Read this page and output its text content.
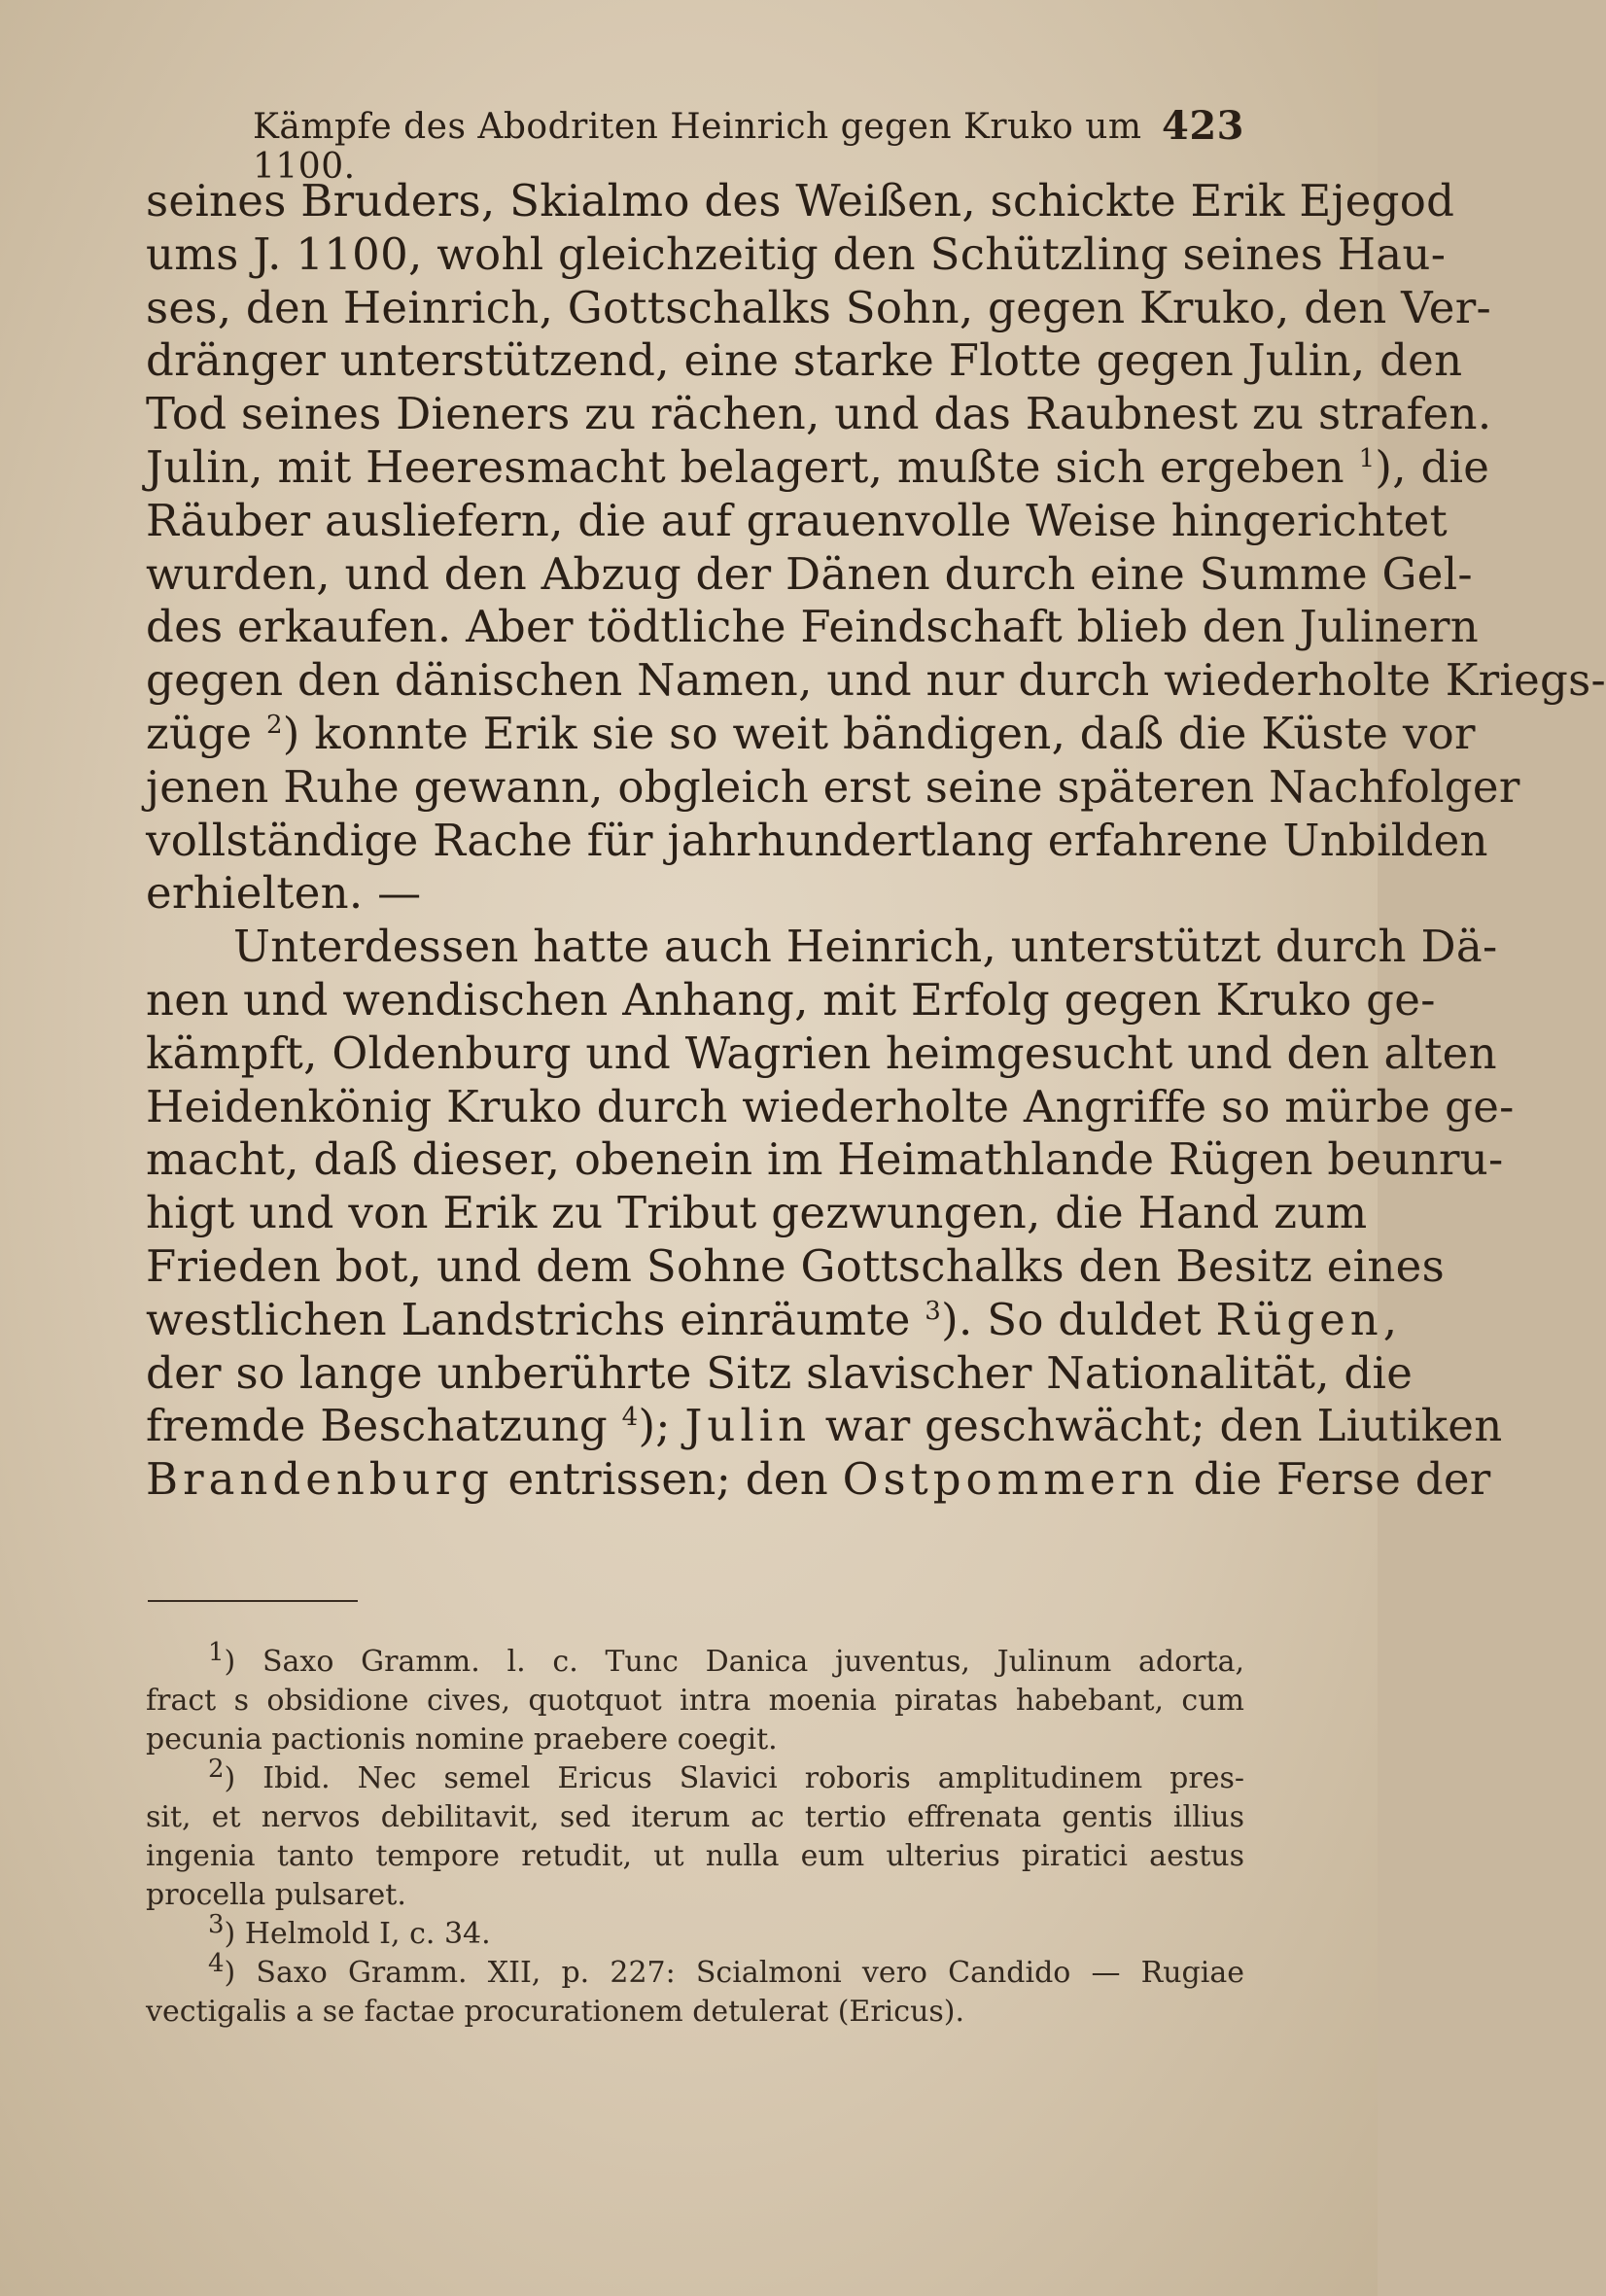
Kämpfe des Abodriten Heinrich gegen Kruko um 1100.
423
seines Bruders, Skialmo des Weißen, schickte Erik Ejegod
ums J. 1100, wohl gleichzeitig den Schützling seines Hau-
ses, den Heinrich, Gottschalks Sohn, gegen Kruko, den Ver-
dränger unterstützend, eine starke Flotte gegen Julin, den
Tod seines Dieners zu rächen, und das Raubnest zu strafen.
Julin, mit Heeresmacht belagert, mußte sich ergeben $^1$), die
Räuber ausliefern, die auf grauenvolle Weise hingerichtet
wurden, und den Abzug der Dänen durch eine Summe Gel-
des erkaufen. Aber tödtliche Feindschaft blieb den Julinern
gegen den dänischen Namen, und nur durch wiederholte Kriegs-
züge $^2$) konnte Erik sie so weit bändigen, daß die Küste vor
jenen Ruhe gewann, obgleich erst seine späteren Nachfolger
vollständige Rache für jahrhundertlang erfahrene Unbilden
erhielten. —
Unterdessen hatte auch Heinrich, unterstützt durch Dä-
nen und wendischen Anhang, mit Erfolg gegen Kruko ge-
kämpft, Oldenburg und Wagrien heimgesucht und den alten
Heidenkönig Kruko durch wiederholte Angriffe so mürbe ge-
macht, daß dieser, obenein im Heimathlande Rügen beunru-
higt und von Erik zu Tribut gezwungen, die Hand zum
Frieden bot, und dem Sohne Gottschalks den Besitz eines
westlichen Landstrichs einräumte $^3$). So duldet Rügen,
der so lange unberührte Sitz slavischer Nationalität, die
fremde Beschatzung $^4$); Julin war geschwächt; den Liutiken
Brandenburg entrissen; den Ostpommern die Ferse der
1) Saxo Gramm. l. c. Tunc Danica juventus, Julinum adorta,
fract s obsidione cives, quotquot intra moenia piratas habebant, cum
pecunia pactionis nomine praebere coegit.
2) Ibid. Nec semel Ericus Slavici roboris amplitudinem pres-
sit, et nervos debilitavit, sed iterum ac tertio effrenata gentis illius
ingenia tanto tempore retudit, ut nulla eum ulterius piratici aestus
procella pulsaret.
3) Helmold I, c. 34.
4) Saxo Gramm. XII, p. 227: Scialmoni vero Candido — Rugiae
vectigalis a se factae procurationem detulerat (Ericus).
